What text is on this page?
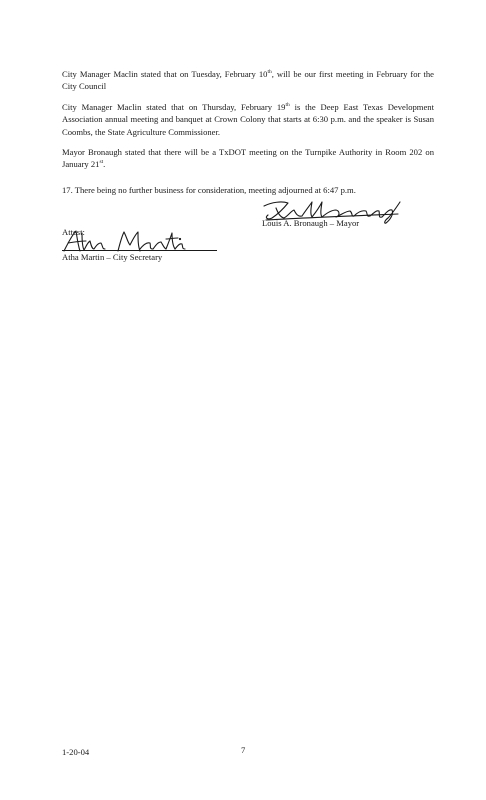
City Manager Maclin stated that on Tuesday, February 10th, will be our first meeting in February for the City Council

City Manager Maclin stated that on Thursday, February 19th is the Deep East Texas Development Association annual meeting and banquet at Crown Colony that starts at 6:30 p.m. and the speaker is Susan Coombs, the State Agriculture Commissioner.

Mayor Bronaugh stated that there will be a TxDOT meeting on the Turnpike Authority in Room 202 on January 21st.

17. There being no further business for consideration, meeting adjourned at 6:47 p.m.

Louis A. Bronaugh – Mayor

Attest:

Atha Martin – City Secretary

1-20-04	7
